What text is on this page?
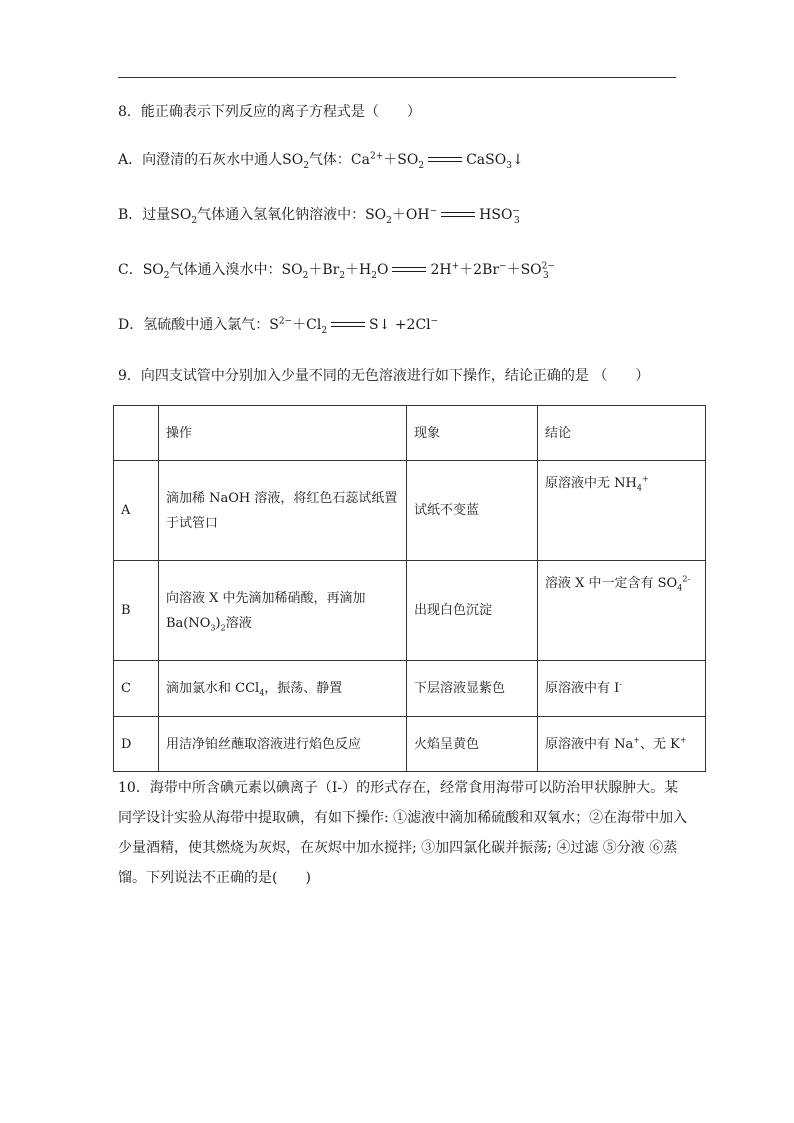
8．能正确表示下列反应的离子方程式是（　　）
A．向澄清的石灰水中通人$SO_2$气体：$Ca^{2+}+SO_2$	CaSO$_3$↓
B．过量$SO_2$气体通入氢氧化钠溶液中：$SO_2+OH^-$	$HSO^-_3$
C．$SO_2$气体通入溴水中：$SO_2+Br_2+H_2O$	$2H^++2Br^-+SO^{2-}_3$
D．氢硫酸中通入氯气：$S^{2-}+Cl_2$	S↓ +2Cl−
9．向四支试管中分别加入少量不同的无色溶液进行如下操作，结论正确的是 （　　）
	操作	现象	结论
A	滴加稀 NaOH 溶液，将红色石蕊试纸置于试管口	试纸不变蓝	原溶液中无 $NH_4^+$
B	向溶液 X 中先滴加稀硝酸，再滴加 $Ba(NO_3)_2$溶液	出现白色沉淀	溶液 X 中一定含有 $SO_4^{2-}$
C	滴加氯水和 CCl$_4$，振荡、静置	下层溶液显紫色	原溶液中有 I-
D	用洁净铂丝蘸取溶液进行焰色反应	火焰呈黄色	原溶液中有 Na+、无 K+
10．海带中所含碘元素以碘离子（I-）的形式存在，经常食用海带可以防治甲状腺肿大。某同学设计实验从海带中提取碘，有如下操作: ①滤液中滴加稀硫酸和双氧水；②在海带中加入少量酒精，使其燃烧为灰烬，在灰烬中加水搅拌; ③加四氯化碳并振荡; ④过滤 ⑤分液 ⑥蒸馏。下列说法不正确的是(　　)
